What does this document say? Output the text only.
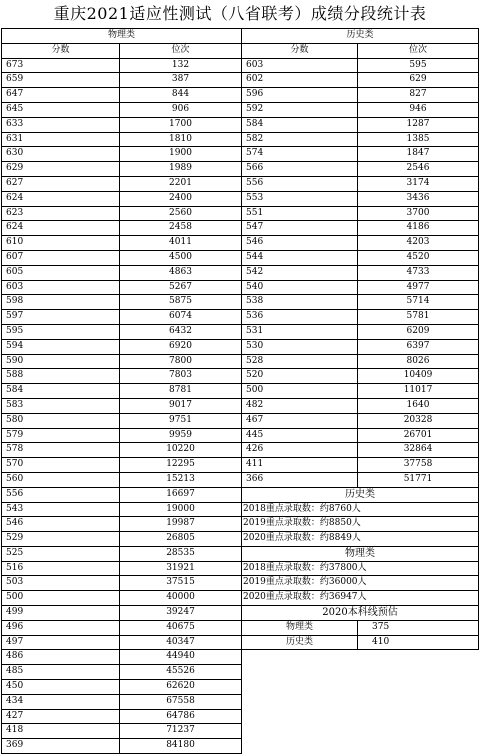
重庆2021适应性测试（八省联考）成绩分段统计表
物理类	
分数	位次
673	132
659	387
647	844
645	906
633	1700
631	1810
630	1900
629	1989
627	2201
624	2400
623	2560
624	2458
610	4011
607	4500
605	4863
603	5267
598	5875
597	6074
595	6432
594	6920
590	7800
588	7803
584	8781
583	9017
580	9751
579	9959
578	10220
570	12295
560	15213
556	16697
543	19000
546	19987
529	26805
525	28535
516	31921
503	37515
500	40000
499	39247
496	40675
497	40347
486	44940
485	45526
450	62620
434	67558
427	64786
418	71237
369	84180
历史类	
分数	位次
603	595
602	629
596	827
592	946
584	1287
582	1385
574	1847
566	2546
556	3174
553	3436
551	3700
547	4186
546	4203
544	4520
542	4733
540	4977
538	5714
536	5781
531	6209
530	6397
528	8026
520	10409
500	11017
482	1640
467	20328
445	26701
426	32864
411	37758
366	51771
历史类	
2018重点录取数：约8760人	
2019重点录取数：约8850人	
2020重点录取数：约8849人	
物理类	
2018重点录取数：约37800人	
2019重点录取数：约36000人	
2020重点录取数：约36947人	
2020本科线预估	
物理类	375
历史类	410
